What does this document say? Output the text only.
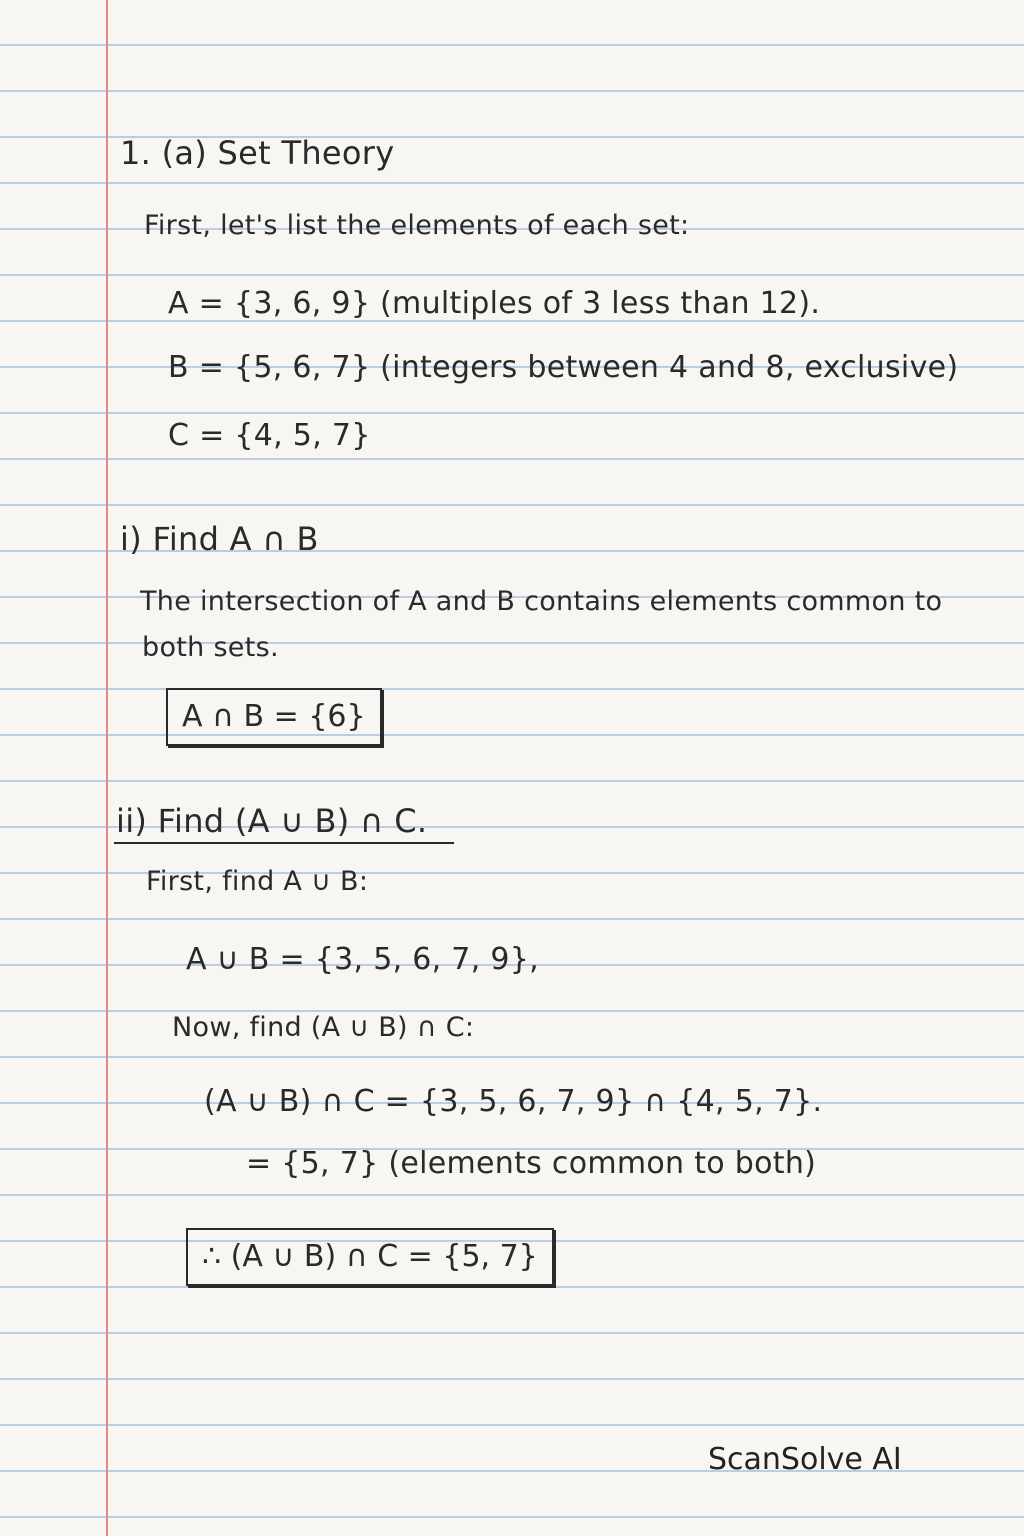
1. (a) Set Theory
First, let's list the elements of each set:
A = {3, 6, 9} (multiples of 3 less than 12).
B = {5, 6, 7} (integers between 4 and 8, exclusive)
C = {4, 5, 7}
i) Find A ∩ B
The intersection of A and B contains elements common to
both sets.
A ∩ B = {6}
ii) Find (A ∪ B) ∩ C.
First, find A ∪ B:
A ∪ B = {3, 5, 6, 7, 9},
Now, find (A ∪ B) ∩ C:
(A ∪ B) ∩ C = {3, 5, 6, 7, 9} ∩ {4, 5, 7}.
= {5, 7} (elements common to both)
∴ (A ∪ B) ∩ C = {5, 7}
ScanSolve AI
